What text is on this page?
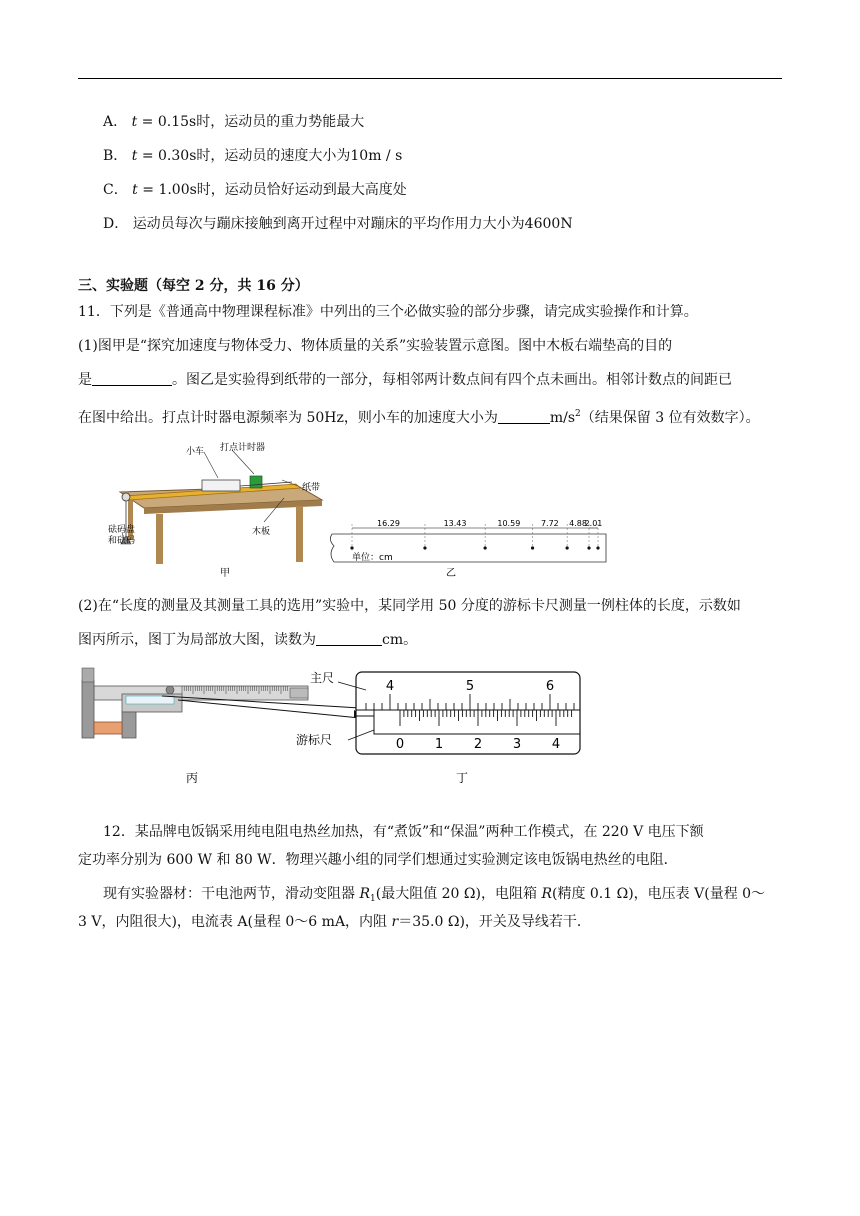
A． t = 0.15s时，运动员的重力势能最大
B． t = 0.30s时，运动员的速度大小为10m / s
C． t = 1.00s时，运动员恰好运动到最大高度处
D． 运动员每次与蹦床接触到离开过程中对蹦床的平均作用力大小为4600N
三、实验题（每空 2 分，共 16 分）
11．下列是《普通高中物理课程标准》中列出的三个必做实验的部分步骤，请完成实验操作和计算。
(1)图甲是“探究加速度与物体受力、物体质量的关系”实验装置示意图。图中木板右端垫高的目的
是	。图乙是实验得到纸带的一部分，每相邻两计数点间有四个点未画出。相邻计数点的间距已
在图中给出。打点计时器电源频率为 50Hz，则小车的加速度大小为	$m/s^2$（结果保留 3 位有效数字）。
小车 打点计时器
纸带
木板
砝码盘 和砝码
甲
16.29	13.43	10.59	7.72 4.88
2.01
单位：cm
乙
(2)在“长度的测量及其测量工具的选用”实验中，某同学用 50 分度的游标卡尺测量一例柱体的长度，示数如
图丙所示，图丁为局部放大图，读数为	cm。
丙
4	5	6
0 1 2 3 4
主尺
游标尺
丁
12．某品牌电饭锅采用纯电阻电热丝加热，有“煮饭”和“保温”两种工作模式，在 220 V 电压下额
定功率分别为 600 W 和 80 W．物理兴趣小组的同学们想通过实验测定该电饭锅电热丝的电阻．
现有实验器材：干电池两节，滑动变阻器 $R_1$(最大阻值 20 Ω)，电阻箱 R(精度 0.1 Ω)，电压表 V(量程 0～
3 V，内阻很大)，电流表 A(量程 0～6 mA，内阻 r＝35.0 Ω)，开关及导线若干．
